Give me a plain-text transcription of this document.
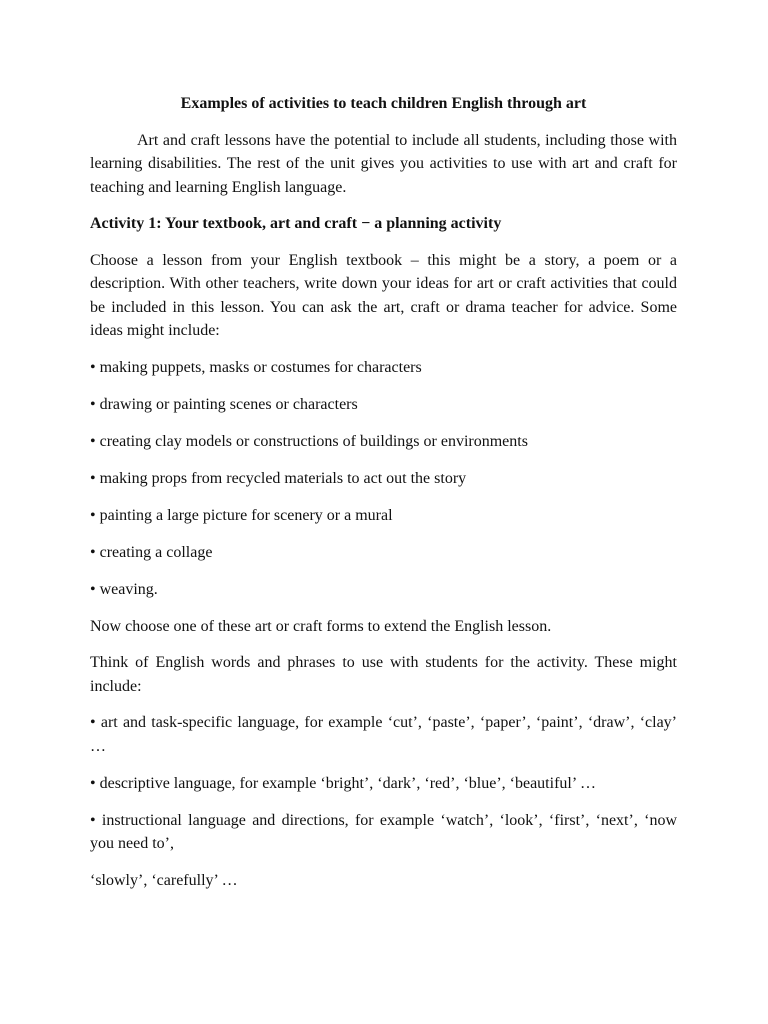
Examples of activities to teach children English through art
Art and craft lessons have the potential to include all students, including those with learning disabilities. The rest of the unit gives you activities to use with art and craft for teaching and learning English language.
Activity 1: Your textbook, art and craft − a planning activity
Choose a lesson from your English textbook – this might be a story, a poem or a description. With other teachers, write down your ideas for art or craft activities that could be included in this lesson. You can ask the art, craft or drama teacher for advice. Some ideas might include:
• making puppets, masks or costumes for characters
• drawing or painting scenes or characters
• creating clay models or constructions of buildings or environments
• making props from recycled materials to act out the story
• painting a large picture for scenery or a mural
• creating a collage
• weaving.
Now choose one of these art or craft forms to extend the English lesson.
Think of English words and phrases to use with students for the activity. These might include:
• art and task-specific language, for example ‘cut’, ‘paste’, ‘paper’, ‘paint’, ‘draw’, ‘clay’ …
• descriptive language, for example ‘bright’, ‘dark’, ‘red’, ‘blue’, ‘beautiful’ …
• instructional language and directions, for example ‘watch’, ‘look’, ‘first’, ‘next’, ‘now you need to’,
‘slowly’, ‘carefully’ …
